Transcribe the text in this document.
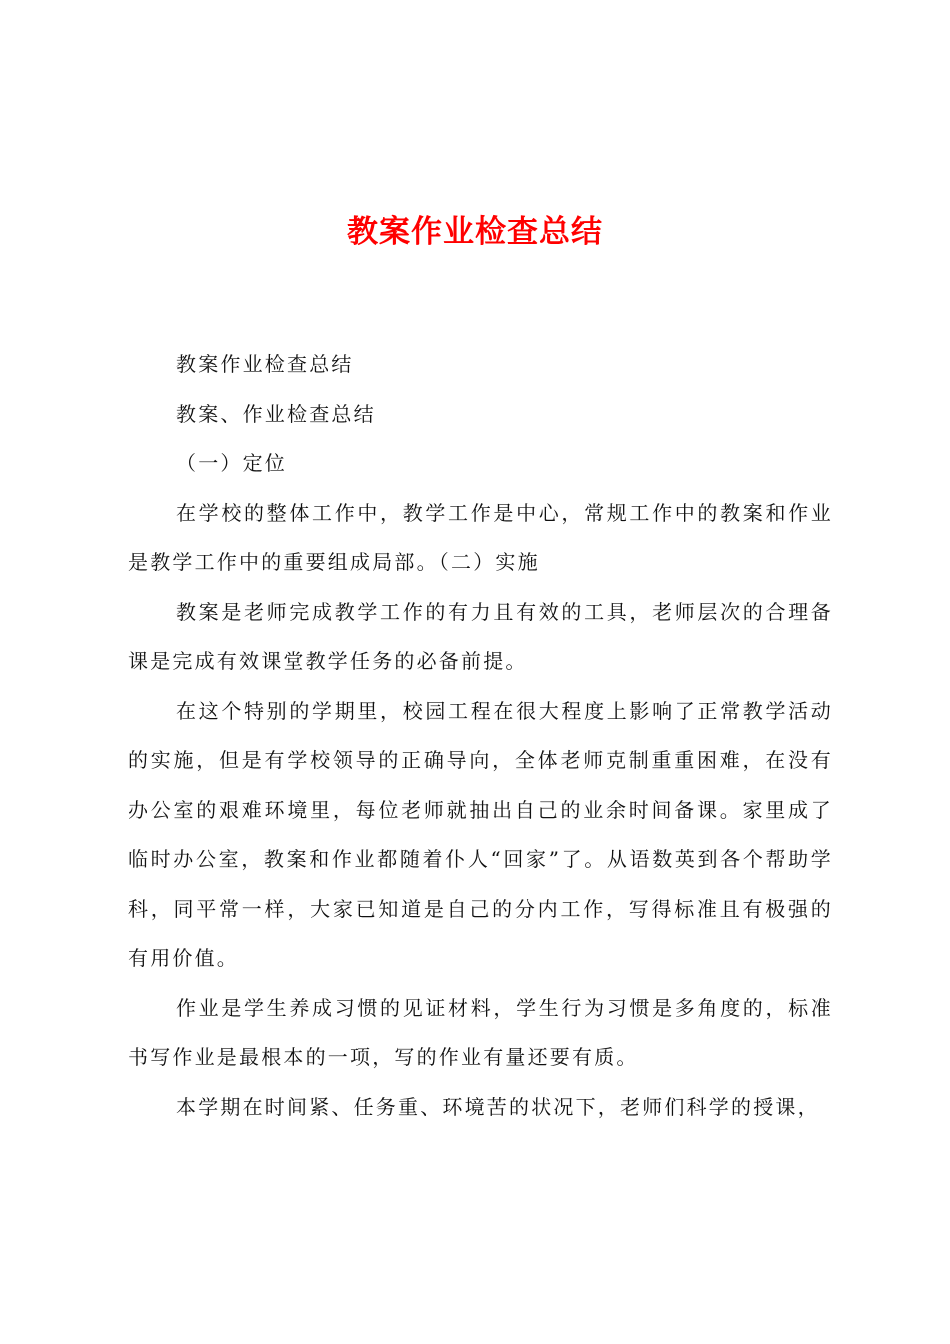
教案作业检查总结

教案作业检查总结

教案、作业检查总结

（一）定位

在学校的整体工作中，教学工作是中心，常规工作中的教案和作业是教学工作中的重要组成局部。（二）实施

教案是老师完成教学工作的有力且有效的工具，老师层次的合理备课是完成有效课堂教学任务的必备前提。

在这个特别的学期里，校园工程在很大程度上影响了正常教学活动的实施，但是有学校领导的正确导向，全体老师克制重重困难，在没有办公室的艰难环境里，每位老师就抽出自己的业余时间备课。家里成了临时办公室，教案和作业都随着仆人“回家”了。从语数英到各个帮助学科，同平常一样，大家已知道是自己的分内工作，写得标准且有极强的有用价值。

作业是学生养成习惯的见证材料，学生行为习惯是多角度的，标准书写作业是最根本的一项，写的作业有量还要有质。

本学期在时间紧、任务重、环境苦的状况下，老师们科学的授课，
